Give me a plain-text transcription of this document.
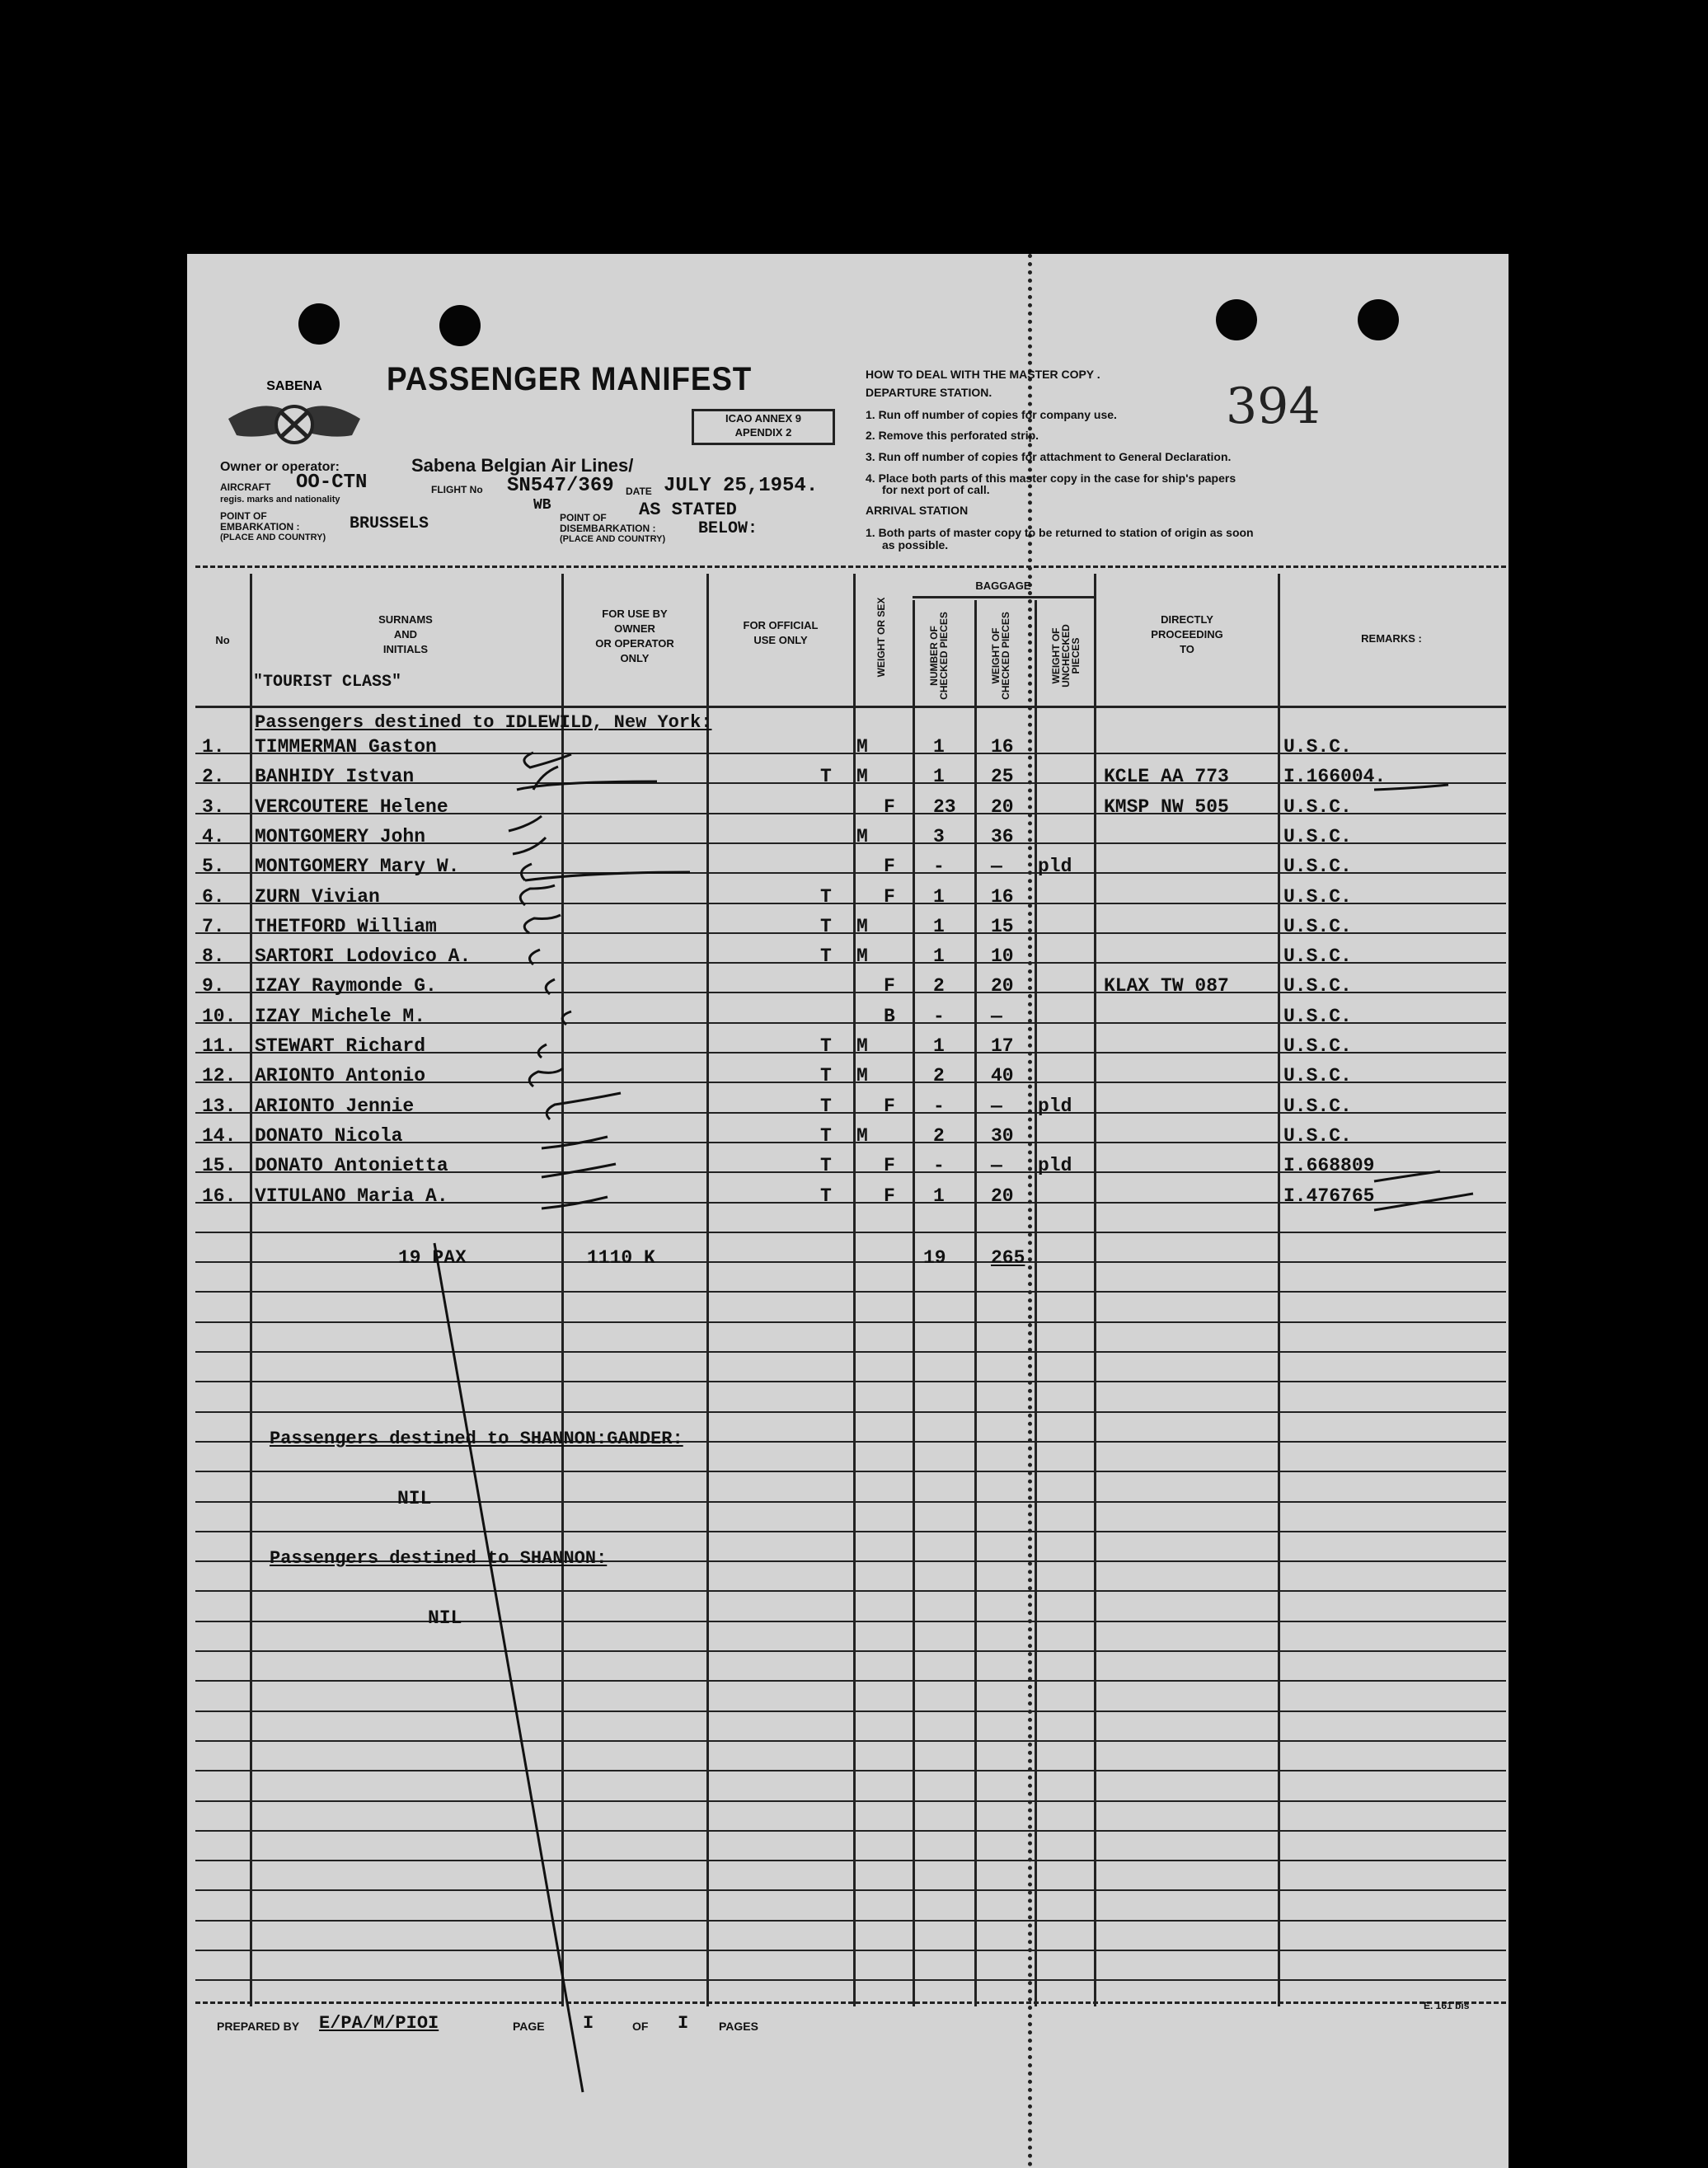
SABENA PASSENGER MANIFEST
ICAO ANNEX 9
APENDIX 2
Owner or operator:	Sabena Belgian Air Lines/
AIRCRAFT OO-CTN
regis. marks and nationality
FLIGHT No SN547/369
WB
DATE JULY 25,1954.
POINT OF
EMBARKATION :	BRUSSELS
(PLACE AND COUNTRY)
POINT OF
DISEMBARKATION :
AS STATED
BELOW:
(PLACE AND COUNTRY)
HOW TO DEAL WITH THE MASTER COPY .
DEPARTURE STATION.
1. Run off number of copies for company use.
2. Remove this perforated strip.
3. Run off number of copies for attachment to General Declaration.
4. Place both parts of this master copy in the case for ship's papers
for next port of call.
ARRIVAL STATION
1. Both parts of master copy to be returned to station of origin as soon
as possible.
394
No
SURNAMS
AND
INITIALS
"TOURIST CLASS"
FOR USE BY
OWNER
OR OPERATOR
ONLY
FOR OFFICIAL
USE ONLY	WEIGHT OR SEX
BAGGAGE
NUMBER OF CHECKED PIECES	WEIGHT OF CHECKED PIECES	WEIGHT OF UNCHECKED PIECES
DIRECTLY
PROCEEDING
TO
REMARKS :
Passengers destined to IDLEWILD, New York:
1. TIMMERMAN Gaston	M	1 16	U.S.C.
2. BANHIDY Istvan	T M	1 25	KCLE AA 773	I.166004.
3. VERCOUTERE Helene	F 23 20	KMSP NW 505	U.S.C.
4. MONTGOMERY John	M	3 36	U.S.C.
5. MONTGOMERY Mary W.	F - — pld	U.S.C.
6. ZURN Vivian	T	F 1 16	U.S.C.
7. THETFORD William	T M	1 15	U.S.C.
8. SARTORI Lodovico A.	T M	1 10	U.S.C.
9. IZAY Raymonde G.	F 2 20	KLAX TW 087	U.S.C.
10. IZAY Michele M.	B - —	U.S.C.
11. STEWART Richard	T M	1 17	U.S.C.
12. ARIONTO Antonio	T M	2 40	U.S.C.
13. ARIONTO Jennie	T	F - — pld	U.S.C.
14. DONATO Nicola	T M	2 30	U.S.C.
15. DONATO Antonietta	T	F - — pld	I.668809
16. VITULANO Maria A.	T	F 1 20	I.476765
19 PAX	1110 K	19 265
Passengers destined to SHANNON:GANDER:
NIL
Passengers destined to SHANNON:
NIL
PREPARED BY E/PA/M/PIOI	PAGE I	OF I	PAGES
E. 161 bis
